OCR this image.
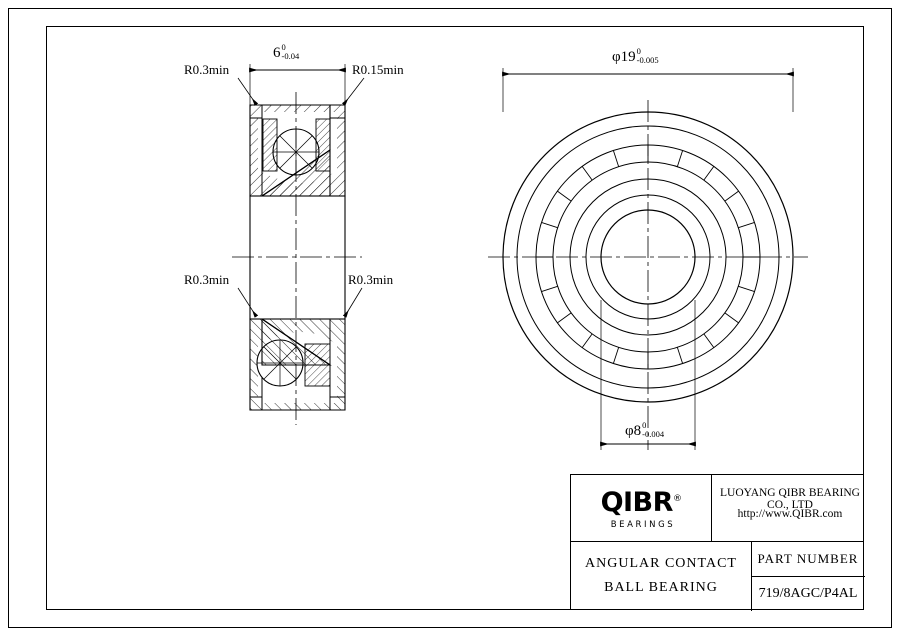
R0.3min	R0.15min
R0.3min	R0.3min
6 0
-0.04	φ19 0
-0.005
φ8 0
-0.004
QIBR®
BEARINGS
LUOYANG QIBR BEARING CO., LTD
http://www.QIBR.com
ANGULAR CONTACT
BALL BEARING
PART NUMBER
719/8AGC/P4AL
